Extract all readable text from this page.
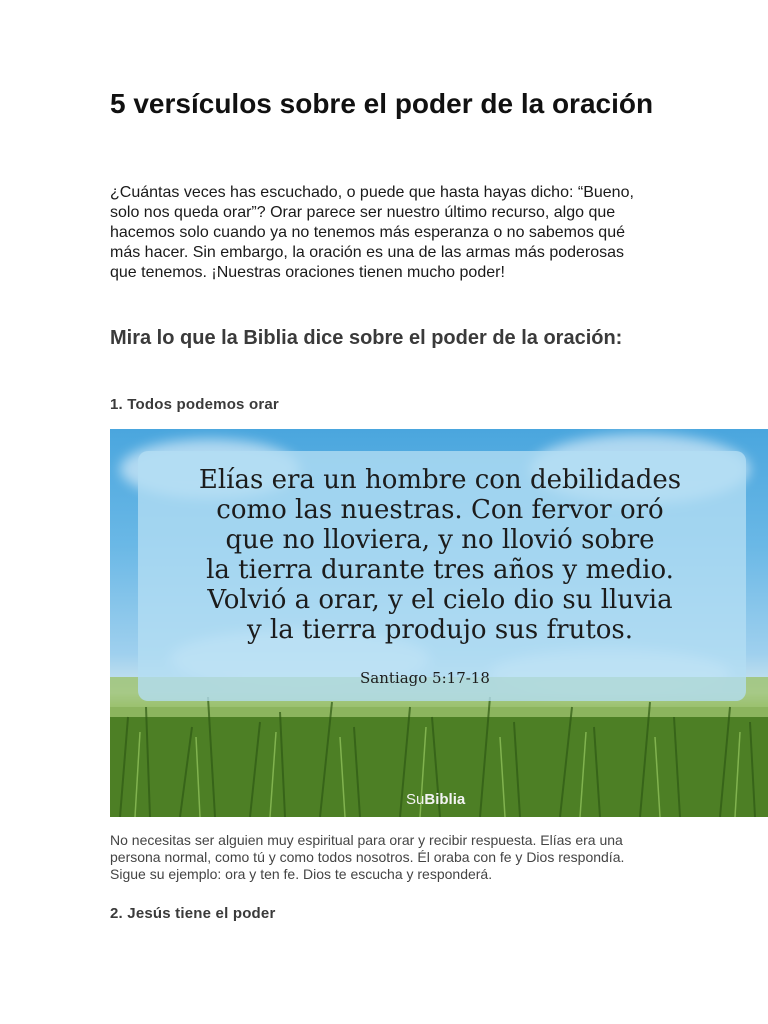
5 versículos sobre el poder de la oración

¿Cuántas veces has escuchado, o puede que hasta hayas dicho: “Bueno, solo nos queda orar”? Orar parece ser nuestro último recurso, algo que hacemos solo cuando ya no tenemos más esperanza o no sabemos qué más hacer. Sin embargo, la oración es una de las armas más poderosas que tenemos. ¡Nuestras oraciones tienen mucho poder!

Mira lo que la Biblia dice sobre el poder de la oración:

1. Todos podemos orar

Elías era un hombre con debilidades
como las nuestras. Con fervor oró
que no lloviera, y no llovió sobre
la tierra durante tres años y medio.
Volvió a orar, y el cielo dio su lluvia
y la tierra produjo sus frutos.

Santiago 5:17-18
SuBiblia

No necesitas ser alguien muy espiritual para orar y recibir respuesta. Elías era una persona normal, como tú y como todos nosotros. Él oraba con fe y Dios respondía. Sigue su ejemplo: ora y ten fe. Dios te escucha y responderá.

2. Jesús tiene el poder
